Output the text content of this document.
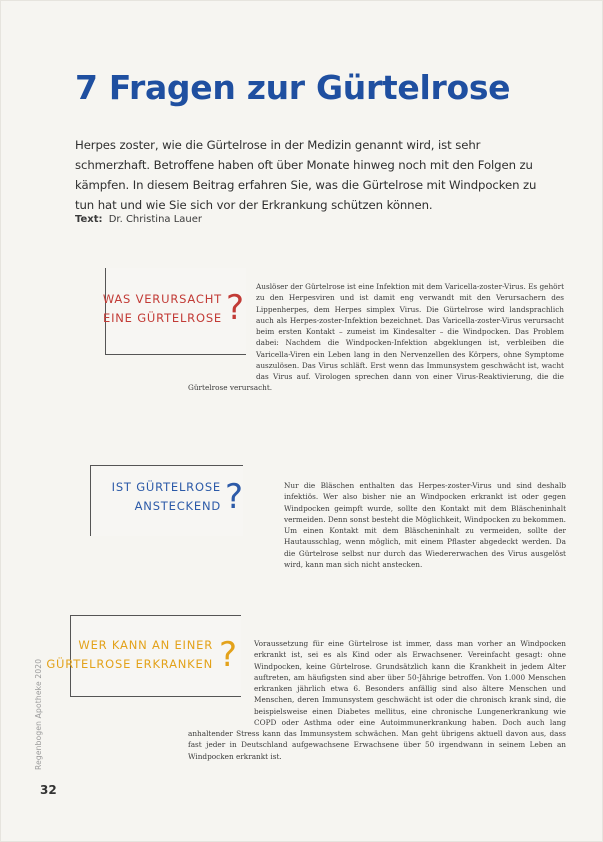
7 Fragen zur Gürtelrose

Herpes zoster, wie die Gürtelrose in der Medizin genannt wird, ist sehr schmerzhaft. Betroffene haben oft über Monate hinweg noch mit den Folgen zu kämpfen. In diesem Beitrag erfahren Sie, was die Gürtelrose mit Windpocken zu tun hat und wie Sie sich vor der Erkrankung schützen können.

Text: Dr. Christina Lauer
WAS VERURSACHT
EINE GÜRTELROSE ?

Auslöser der Gürtelrose ist eine Infektion mit dem Varicella-zoster-Virus. Es gehört zu den Herpesviren und ist damit eng verwandt mit den Verursachern des Lippenherpes, dem Herpes simplex Virus. Die Gürtelrose wird landsprachlich auch als Herpes-zoster-Infektion bezeichnet. Das Varicella-zoster-Virus verursacht beim ersten Kontakt – zumeist im Kindesalter – die Windpocken. Das Problem dabei: Nachdem die Windpocken-Infektion abgeklungen ist, verbleiben die Varicella-Viren ein Leben lang in den Nervenzellen des Körpers, ohne Symptome auszulösen. Das Virus schläft. Erst wenn das Immunsystem geschwächt ist, wacht das Virus auf. Virologen sprechen dann von einer Virus-Reaktivierung, die die Gürtelrose verursacht.

IST GÜRTELROSE
ANSTECKEND ?	Nur die Bläschen enthalten das Herpes-zoster-Virus und sind deshalb infektiös. Wer also bisher nie an Windpocken erkrankt ist oder gegen Windpocken geimpft wurde, sollte den Kontakt mit dem Bläscheninhalt vermeiden. Denn sonst besteht die Möglichkeit, Windpocken zu bekommen. Um einen Kontakt mit dem Bläscheninhalt zu vermeiden, sollte der Hautausschlag, wenn möglich, mit einem Pflaster abgedeckt werden. Da die Gürtelrose selbst nur durch das Wiedererwachen des Virus ausgelöst wird, kann man sich nicht anstecken.

WER KANN AN EINER
GÜRTELROSE ERKRANKEN ?	Voraussetzung für eine Gürtelrose ist immer, dass man vorher an Windpocken erkrankt ist, sei es als Kind oder als Erwachsener. Vereinfacht gesagt: ohne Windpocken, keine Gürtelrose. Grundsätzlich kann die Krankheit in jedem Alter auftreten, am häufigsten sind aber über 50-Jährige betroffen. Von 1.000 Menschen erkranken jährlich etwa 6. Besonders anfällig sind also ältere Menschen und Menschen, deren Immunsystem geschwächt ist oder die chronisch krank sind, die beispielsweise einen Diabetes mellitus, eine chronische Lungenerkrankung wie COPD oder Asthma oder eine Autoimmunerkrankung haben. Doch auch lang anhaltender Stress kann das Immunsystem schwächen. Man geht übrigens aktuell davon aus, dass fast jeder in Deutschland aufgewachsene Erwachsene über 50 irgendwann in seinem Leben an Windpocken erkrankt ist.

Regenbogen Apotheke 2020
32
